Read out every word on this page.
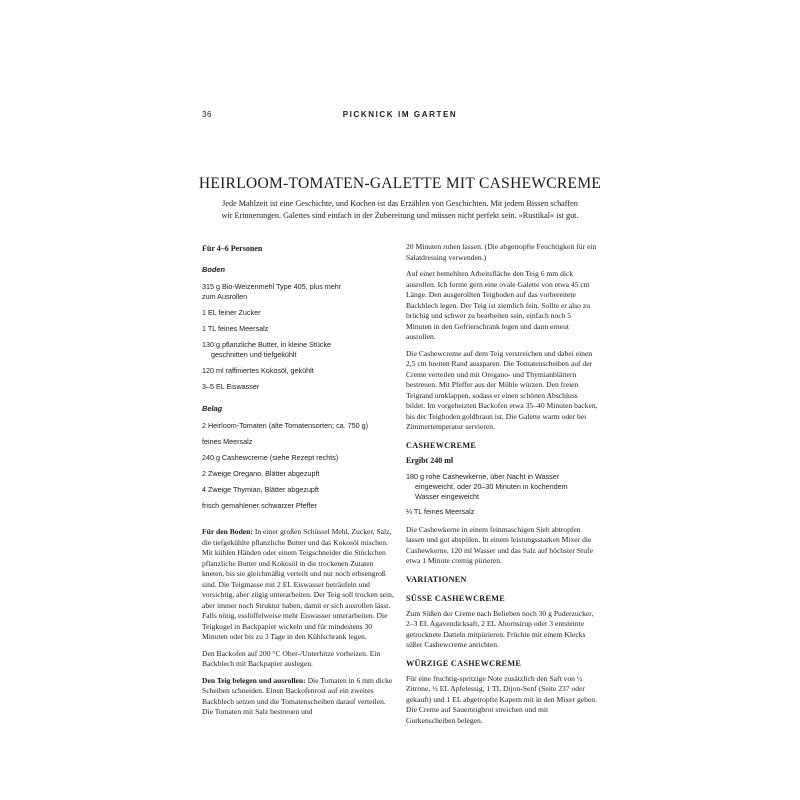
36	PICKNICK IM GARTEN
HEIRLOOM-TOMATEN-GALETTE MIT CASHEWCREME
Jede Mahlzeit ist eine Geschichte, und Kochen ist das Erzählen von Geschichten. Mit jedem Bissen schaffen wir Erinnerungen. Galettes sind einfach in der Zubereitung und müssen nicht perfekt sein. »Rustikal« ist gut.
Für 4–6 Personen
Boden
315 g Bio-Weizenmehl Type 405, plus mehr
zum Ausrollen
1 EL feiner Zucker
1 TL feines Meersalz
130 g pflanzliche Butter, in kleine Stücke
geschnitten und tiefgekühlt
120 ml raffiniertes Kokosöl, gekühlt
3–5 EL Eiswasser
Belag
2 Heirloom-Tomaten (alte Tomatensorten; ca. 750 g)
feines Meersalz
240 g Cashewcreme (siehe Rezept rechts)
2 Zweige Oregano, Blätter abgezupft
4 Zweige Thymian, Blätter abgezupft
frisch gemahlener schwarzer Pfeffer

Für den Boden: In einer großen Schüssel Mehl, Zucker, Salz, die tiefgekühlte pflanzliche Butter und das Kokosöl mischen. Mit kühlen Händen oder einem Teigschneider die Stückchen pflanzliche Butter und Kokosöl in die trockenen Zutaten kneten, bis sie gleichmäßig verteilt und nur noch erbsengroß sind. Die Teigmasse mit 2 EL Eiswasser beträufeln und vorsichtig, aber zügig unterarbeiten. Der Teig soll trocken sein, aber immer noch Struktur haben, damit er sich ausrollen lässt. Falls nötig, esslöffelweise mehr Eiswasser unterarbeiten. Die Teigkugel in Backpapier wickeln und für mindestens 30 Minuten oder bis zu 3 Tage in den Kühlschrank legen.

Den Backofen auf 200 °C Ober-/Unterhitze vorheizen. Ein Backblech mit Backpapier auslegen.

Den Teig belegen und ausrollen: Die Tomaten in 6 mm dicke Scheiben schneiden. Einen Backofenrost auf ein zweites Backblech setzen und die Tomatenscheiben darauf verteilen. Die Tomaten mit Salz bestreuen und

20 Minuten ruhen lassen. (Die abgetropfte Feuchtigkeit für ein Salatdressing verwenden.)

Auf einer bemehlten Arbeitsfläche den Teig 6 mm dick ausrollen. Ich forme gern eine ovale Galette von etwa 45 cm Länge. Den ausgerollten Teigboden auf das vorbereitete Backblech legen. Der Teig ist ziemlich fein. Sollte er also zu brüchig und schwer zu bearbeiten sein, einfach noch 5 Minuten in den Gefrierschrank legen und dann erneut ausrollen.

Die Cashewcreme auf dem Teig verstreichen und dabei einen 2,5 cm breiten Rand aussparen. Die Tomatenscheiben auf der Creme verteilen und mit Oregano- und Thymianblättern bestreuen. Mit Pfeffer aus der Mühle würzen. Den freien Teigrand umklappen, sodass er einen schönen Abschluss bildet. Im vorgeheizten Backofen etwa 35–40 Minuten backen, bis der Teigboden goldbraun ist. Die Galette warm oder bei Zimmertemperatur servieren.

CASHEWCREME
Ergibt 240 ml
180 g rohe Cashewkerne, über Nacht in Wasser
eingeweicht, oder 20–30 Minuten in kochendem
Wasser eingeweicht
¼ TL feines Meersalz

Die Cashewkerne in einem feinmaschigen Sieb abtropfen lassen und gut abspülen. In einem leistungsstarken Mixer die Cashewkerne, 120 ml Wasser und das Salz auf höchster Stufe etwa 1 Minute cremig pürieren.

VARIATIONEN
SÜSSE CASHEWCREME

Zum Süßen der Creme nach Belieben noch 30 g Puderzucker, 2–3 EL Agavendicksaft, 2 EL Ahornsirup oder 3 entsteinte getrocknete Datteln mitpürieren. Früchte mit einem Klecks süßer Cashewcreme anrichten.

WÜRZIGE CASHEWCREME

Für eine fruchtig-spritzige Note zusätzlich den Saft von ½ Zitrone, ½ EL Apfelessig, 1 TL Dijon-Senf (Seite 237 oder gekauft) und 1 EL abgetropfte Kapern mit in den Mixer geben. Die Creme auf Sauerteigbrot streichen und mit Gurkenscheiben belegen.
